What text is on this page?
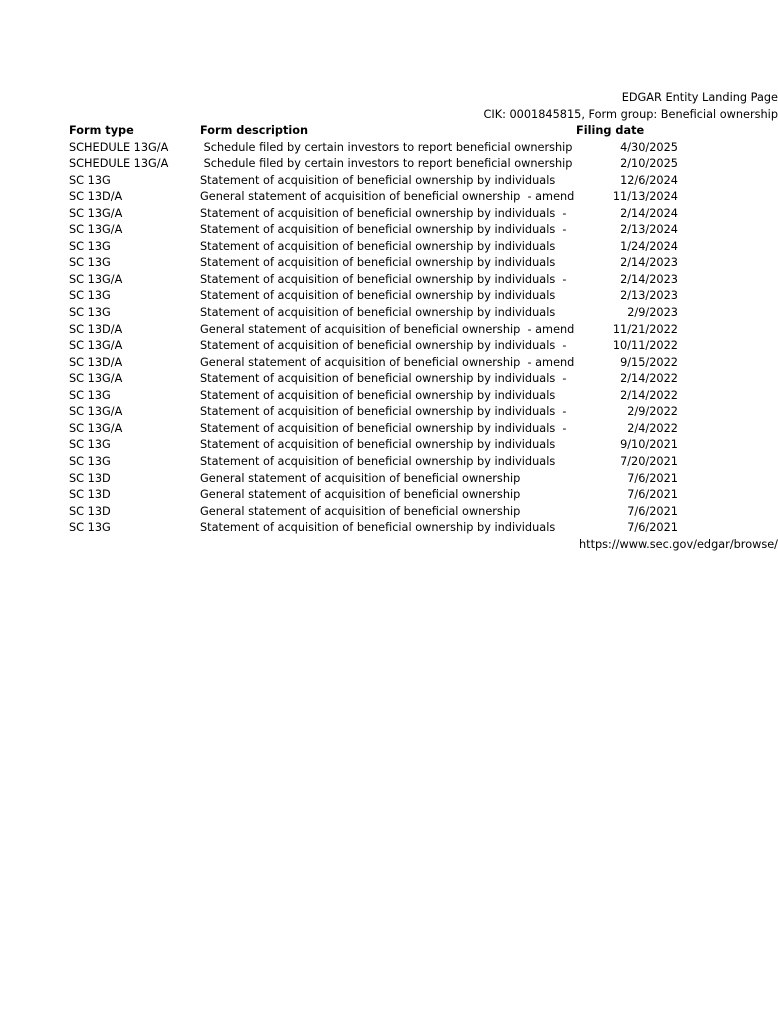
EDGAR Entity Landing Page
CIK: 0001845815, Form group: Beneficial ownership
Form type	Form description	Filing date
SCHEDULE 13G/A	Schedule filed by certain investors to report beneficial ownership	4/30/2025
SCHEDULE 13G/A	Schedule filed by certain investors to report beneficial ownership	2/10/2025
SC 13G	Statement of acquisition of beneficial ownership by individuals	12/6/2024
SC 13D/A	General statement of acquisition of beneficial ownership  - amend	11/13/2024
SC 13G/A	Statement of acquisition of beneficial ownership by individuals  -	2/14/2024
SC 13G/A	Statement of acquisition of beneficial ownership by individuals  -	2/13/2024
SC 13G	Statement of acquisition of beneficial ownership by individuals	1/24/2024
SC 13G	Statement of acquisition of beneficial ownership by individuals	2/14/2023
SC 13G/A	Statement of acquisition of beneficial ownership by individuals  -	2/14/2023
SC 13G	Statement of acquisition of beneficial ownership by individuals	2/13/2023
SC 13G	Statement of acquisition of beneficial ownership by individuals	2/9/2023
SC 13D/A	General statement of acquisition of beneficial ownership  - amend	11/21/2022
SC 13G/A	Statement of acquisition of beneficial ownership by individuals  -	10/11/2022
SC 13D/A	General statement of acquisition of beneficial ownership  - amend	9/15/2022
SC 13G/A	Statement of acquisition of beneficial ownership by individuals  -	2/14/2022
SC 13G	Statement of acquisition of beneficial ownership by individuals	2/14/2022
SC 13G/A	Statement of acquisition of beneficial ownership by individuals  -	2/9/2022
SC 13G/A	Statement of acquisition of beneficial ownership by individuals  -	2/4/2022
SC 13G	Statement of acquisition of beneficial ownership by individuals	9/10/2021
SC 13G	Statement of acquisition of beneficial ownership by individuals	7/20/2021
SC 13D	General statement of acquisition of beneficial ownership	7/6/2021
SC 13D	General statement of acquisition of beneficial ownership	7/6/2021
SC 13D	General statement of acquisition of beneficial ownership	7/6/2021
SC 13G	Statement of acquisition of beneficial ownership by individuals	7/6/2021
https://www.sec.gov/edgar/browse/
